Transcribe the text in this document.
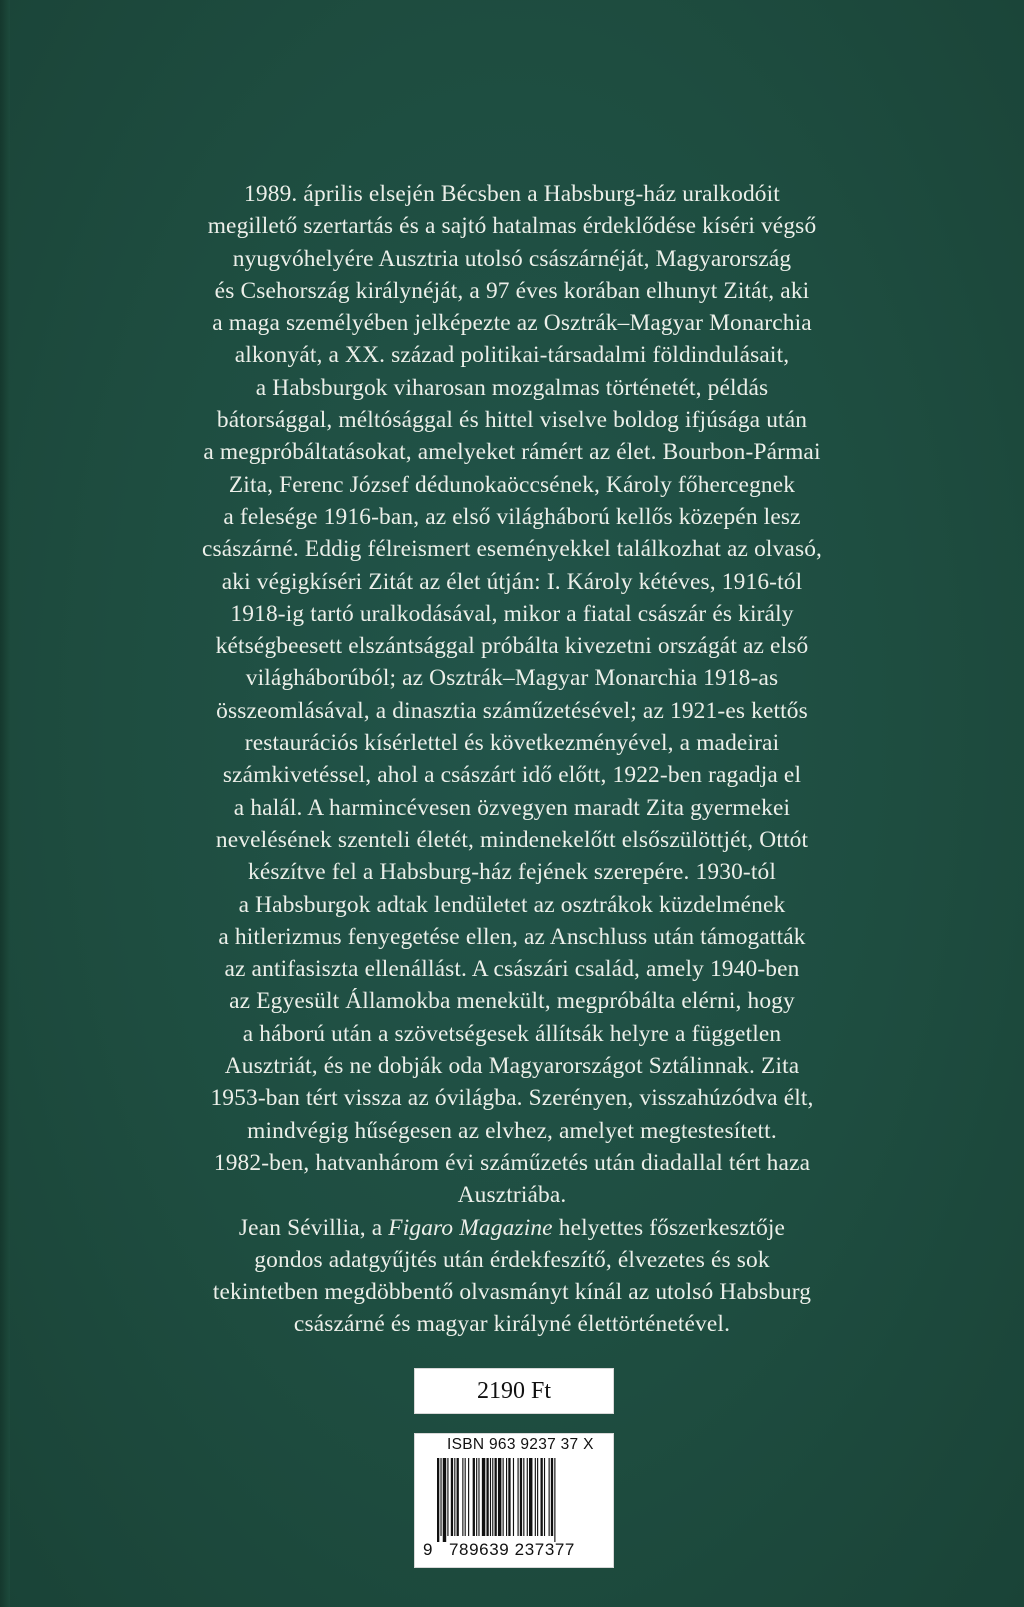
1989. április elsején Bécsben a Habsburg-ház uralkodóit
megillető szertartás és a sajtó hatalmas érdeklődése kíséri végső
nyugvóhelyére Ausztria utolsó császárnéját, Magyarország
és Csehország királynéját, a 97 éves korában elhunyt Zitát, aki
a maga személyében jelképezte az Osztrák–Magyar Monarchia
alkonyát, a XX. század politikai-társadalmi földindulásait,
a Habsburgok viharosan mozgalmas történetét, példás
bátorsággal, méltósággal és hittel viselve boldog ifjúsága után
a megpróbáltatásokat, amelyeket rámért az élet. Bourbon-Pármai
Zita, Ferenc József dédunokaöccsének, Károly főhercegnek
a felesége 1916-ban, az első világháború kellős közepén lesz
császárné. Eddig félreismert eseményekkel találkozhat az olvasó,
aki végigkíséri Zitát az élet útján: I. Károly kétéves, 1916-tól
1918-ig tartó uralkodásával, mikor a fiatal császár és király
kétségbeesett elszántsággal próbálta kivezetni országát az első
világháborúból; az Osztrák–Magyar Monarchia 1918-as
összeomlásával, a dinasztia száműzetésével; az 1921-es kettős
restaurációs kísérlettel és következményével, a madeirai
számkivetéssel, ahol a császárt idő előtt, 1922-ben ragadja el
a halál. A harmincévesen özvegyen maradt Zita gyermekei
nevelésének szenteli életét, mindenekelőtt elsőszülöttjét, Ottót
készítve fel a Habsburg-ház fejének szerepére. 1930-tól
a Habsburgok adtak lendületet az osztrákok küzdelmének
a hitlerizmus fenyegetése ellen, az Anschluss után támogatták
az antifasiszta ellenállást. A császári család, amely 1940-ben
az Egyesült Államokba menekült, megpróbálta elérni, hogy
a háború után a szövetségesek állítsák helyre a független
Ausztriát, és ne dobják oda Magyarországot Sztálinnak. Zita
1953-ban tért vissza az óvilágba. Szerényen, visszahúzódva élt,
mindvégig hűségesen az elvhez, amelyet megtestesített.
1982-ben, hatvanhárom évi száműzetés után diadallal tért haza
Ausztriába.
Jean Sévillia, a Figaro Magazine helyettes főszerkesztője
gondos adatgyűjtés után érdekfeszítő, élvezetes és sok
tekintetben megdöbbentő olvasmányt kínál az utolsó Habsburg
császárné és magyar királyné élettörténetével.
2190 Ft
ISBN 963 9237 37 X
9 789639 237377
